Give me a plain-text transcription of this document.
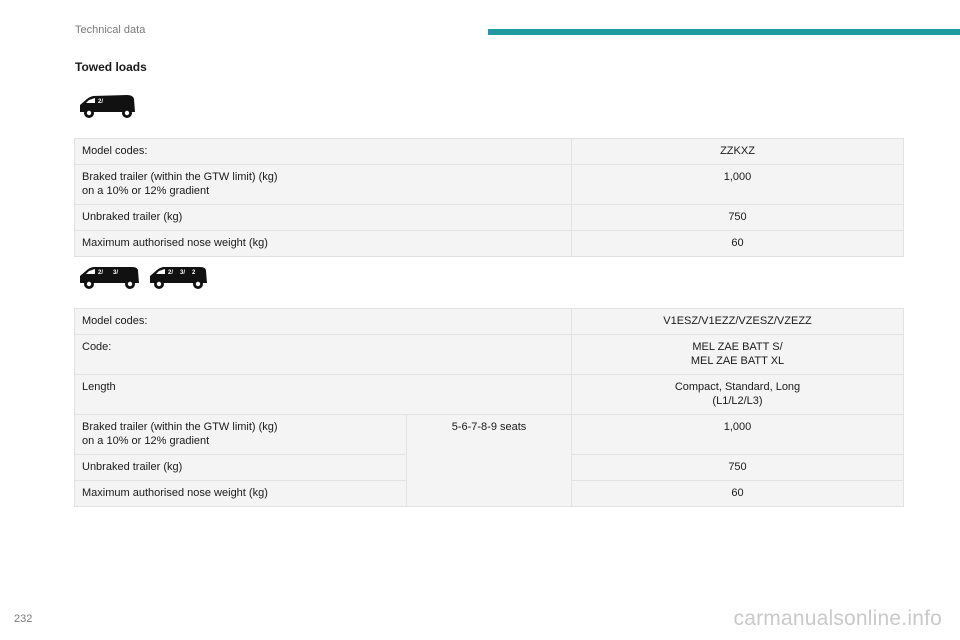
Technical data
Towed loads
2/
Model codes:	ZZKXZ

Braked trailer (within the GTW limit) (kg)
on a 10% or 12% gradient	1,000
Unbraked trailer (kg)	750
Maximum authorised nose weight (kg)	60
2/ 3/	2/ 3/ 2
Model codes:		V1ESZ/V1EZZ/VZESZ/VZEZZ
Code:		MEL ZAE BATT S/
MEL ZAE BATT XL

Length		Compact, Standard, Long
(L1/L2/L3)

Braked trailer (within the GTW limit) (kg)
on a 10% or 12% gradient	5-6-7-8-9 seats	1,000
Unbraked trailer (kg)		750
Maximum authorised nose weight (kg)		60
232	carmanualsonline.info
